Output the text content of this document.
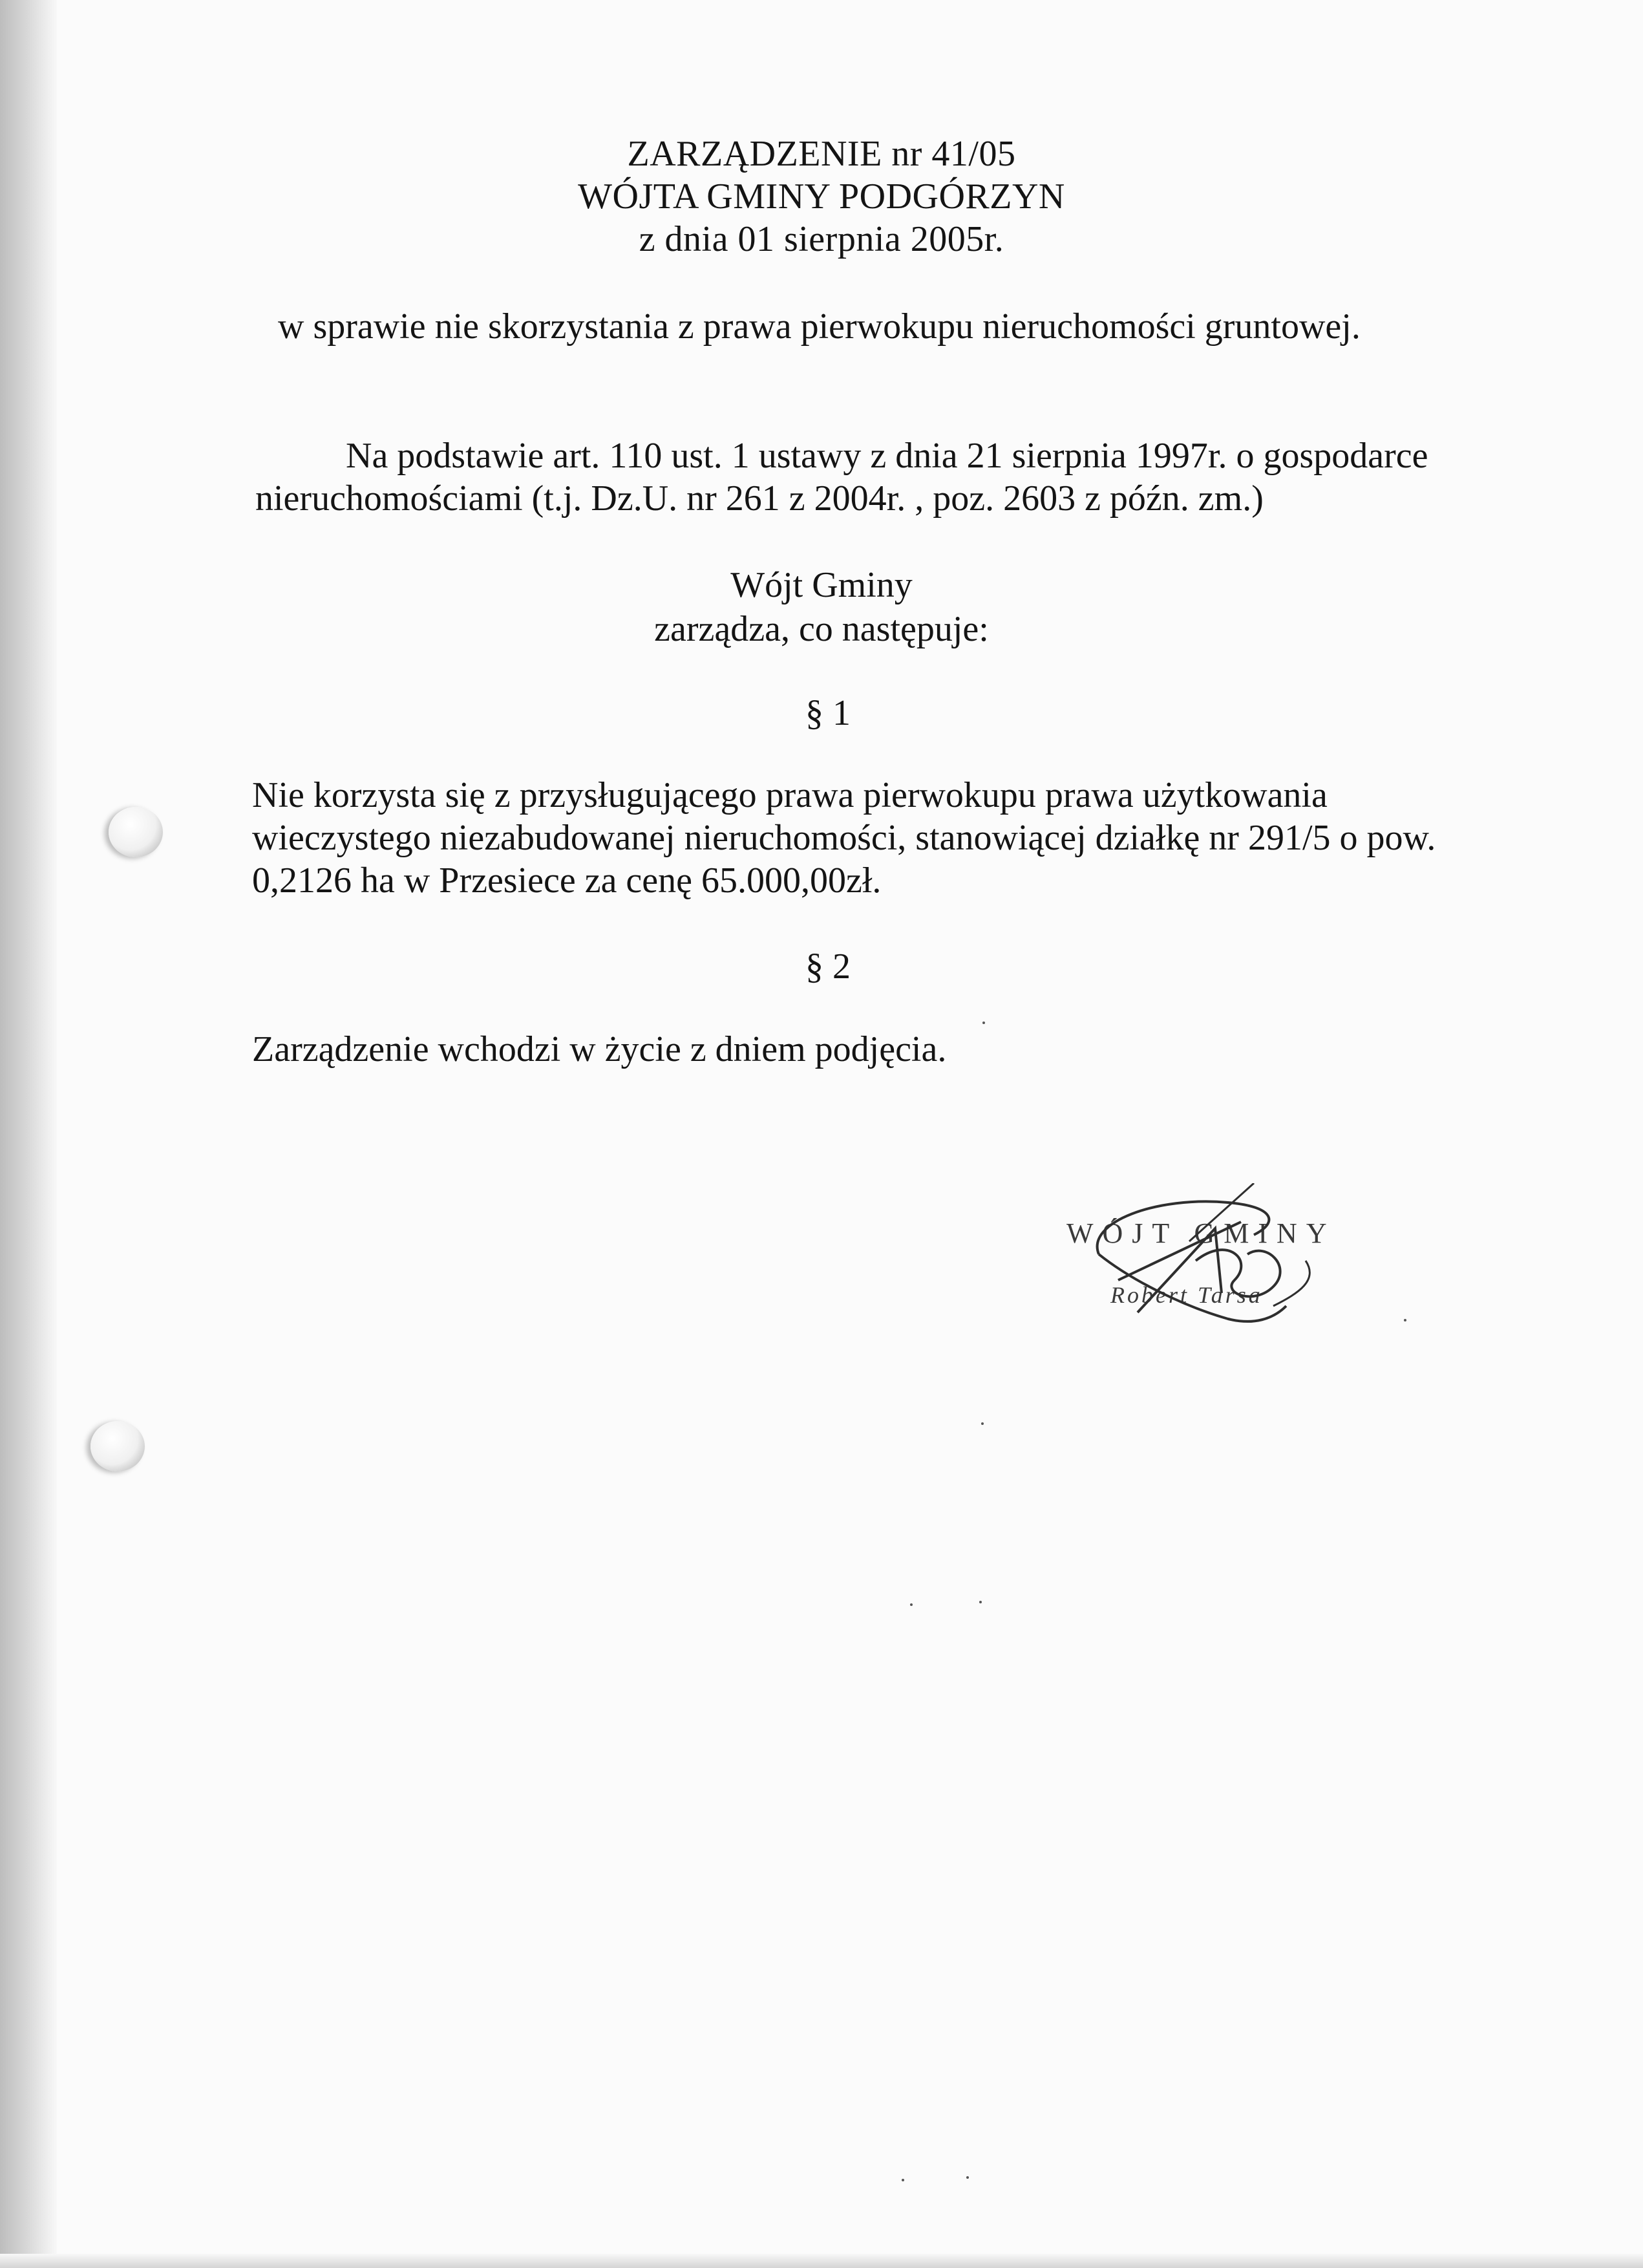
ZARZĄDZENIE nr 41/05
WÓJTA GMINY PODGÓRZYN
z dnia 01 sierpnia 2005r.
w sprawie nie skorzystania z prawa pierwokupu nieruchomości gruntowej.
Na podstawie art. 110 ust. 1 ustawy z dnia 21 sierpnia 1997r. o gospodarce
nieruchomościami (t.j. Dz.U. nr 261 z 2004r. , poz. 2603 z późn. zm.)
Wójt Gminy
zarządza, co następuje:
§ 1
Nie korzysta się z przysługującego prawa pierwokupu prawa użytkowania
wieczystego niezabudowanej nieruchomości, stanowiącej działkę nr 291/5 o pow.
0,2126 ha w Przesiece za cenę 65.000,00zł.
§ 2
Zarządzenie wchodzi w życie z dniem podjęcia.
WÓJT GMINY
Robert Tarsa
